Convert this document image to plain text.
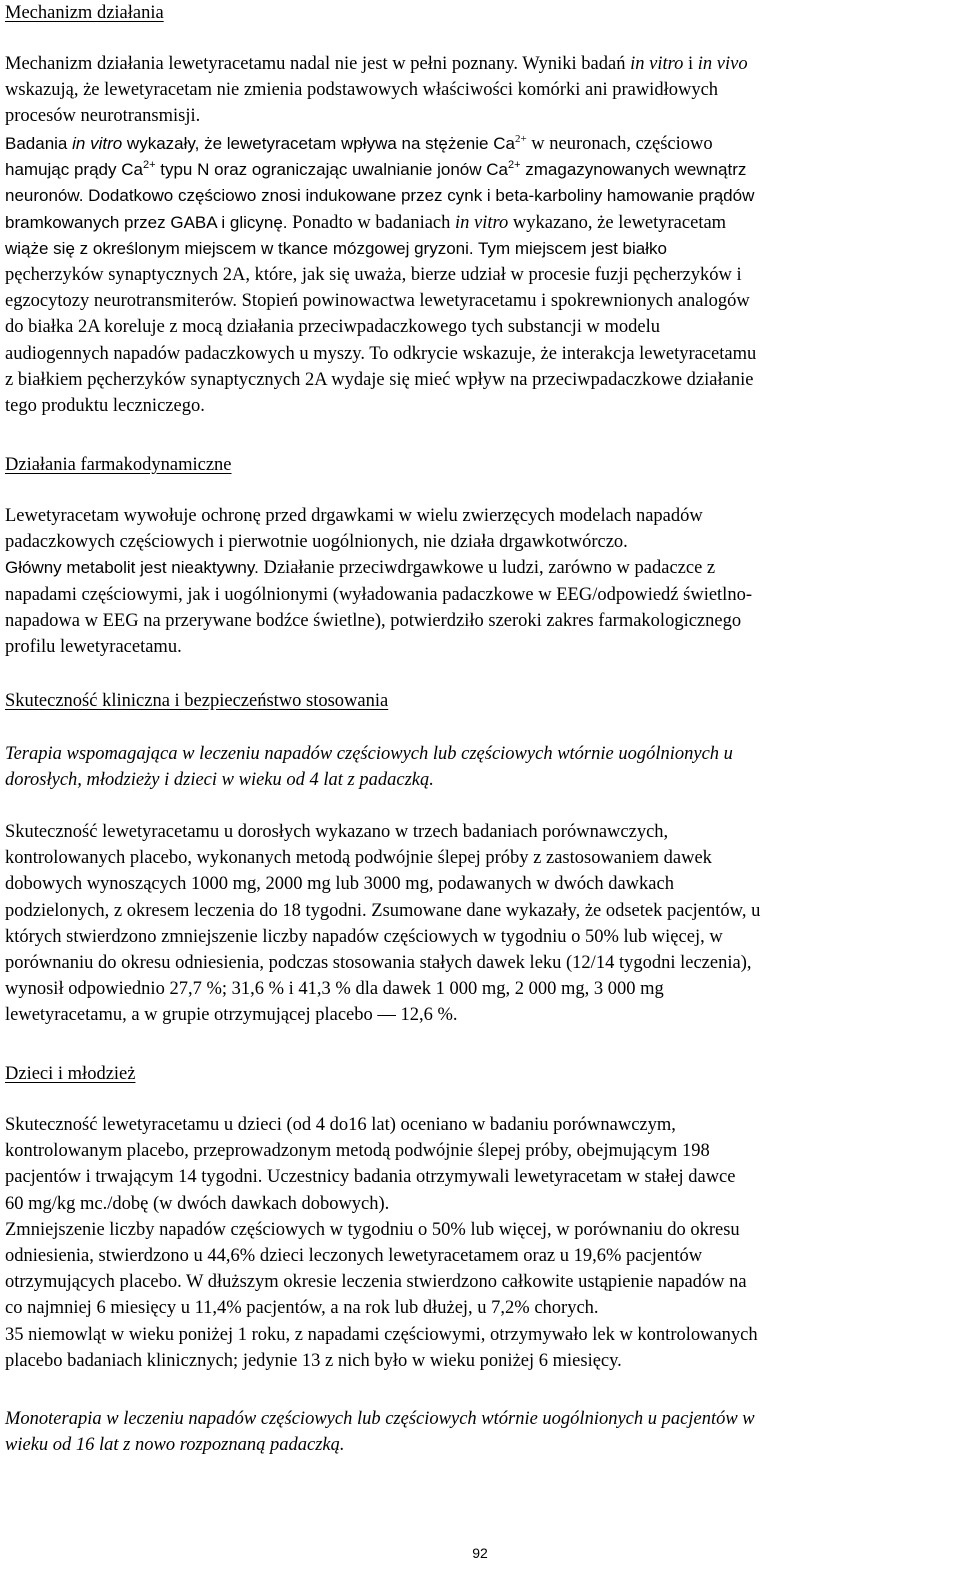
Mechanizm działania
Mechanizm działania lewetyracetamu nadal nie jest w pełni poznany. Wyniki badań in vitro i in vivo
wskazują, że lewetyracetam nie zmienia podstawowych właściwości komórki ani prawidłowych
procesów neurotransmisji.
Badania in vitro wykazały, że lewetyracetam wpływa na stężenie $Ca^{2+}$ w neuronach, częściowo
hamując prądy $Ca^{2+}$ typu N oraz ograniczając uwalnianie jonów $Ca^{2+}$ zmagazynowanych wewnątrz
neuronów. Dodatkowo częściowo znosi indukowane przez cynk i beta-karboliny hamowanie prądów
bramkowanych przez GABA i glicynę. Ponadto w badaniach in vitro wykazano, że lewetyracetam
wiąże się z określonym miejscem w tkance mózgowej gryzoni. Tym miejscem jest białko
pęcherzyków synaptycznych 2A, które, jak się uważa, bierze udział w procesie fuzji pęcherzyków i
egzocytozy neurotransmiterów. Stopień powinowactwa lewetyracetamu i spokrewnionych analogów
do białka 2A koreluje z mocą działania przeciwpadaczkowego tych substancji w modelu
audiogennych napadów padaczkowych u myszy. To odkrycie wskazuje, że interakcja lewetyracetamu
z białkiem pęcherzyków synaptycznych 2A wydaje się mieć wpływ na przeciwpadaczkowe działanie
tego produktu leczniczego.
Działania farmakodynamiczne
Lewetyracetam wywołuje ochronę przed drgawkami w wielu zwierzęcych modelach napadów
padaczkowych częściowych i pierwotnie uogólnionych, nie działa drgawkotwórczo.
Główny metabolit jest nieaktywny. Działanie przeciwdrgawkowe u ludzi, zarówno w padaczce z
napadami częściowymi, jak i uogólnionymi (wyładowania padaczkowe w EEG/odpowiedź świetlno-
napadowa w EEG na przerywane bodźce świetlne), potwierdziło szeroki zakres farmakologicznego
profilu lewetyracetamu.
Skuteczność kliniczna i bezpieczeństwo stosowania
Terapia wspomagająca w leczeniu napadów częściowych lub częściowych wtórnie uogólnionych u
dorosłych, młodzieży i dzieci w wieku od 4 lat z padaczką.
Skuteczność lewetyracetamu u dorosłych wykazano w trzech badaniach porównawczych,
kontrolowanych placebo, wykonanych metodą podwójnie ślepej próby z zastosowaniem dawek
dobowych wynoszących 1000 mg, 2000 mg lub 3000 mg, podawanych w dwóch dawkach
podzielonych, z okresem leczenia do 18 tygodni. Zsumowane dane wykazały, że odsetek pacjentów, u
których stwierdzono zmniejszenie liczby napadów częściowych w tygodniu o 50% lub więcej, w
porównaniu do okresu odniesienia, podczas stosowania stałych dawek leku (12/14 tygodni leczenia),
wynosił odpowiednio 27,7 %; 31,6 % i 41,3 % dla dawek 1 000 mg, 2 000 mg, 3 000 mg
lewetyracetamu, a w grupie otrzymującej placebo — 12,6 %.
Dzieci i młodzież
Skuteczność lewetyracetamu u dzieci (od 4 do16 lat) oceniano w badaniu porównawczym,
kontrolowanym placebo, przeprowadzonym metodą podwójnie ślepej próby, obejmującym 198
pacjentów i trwającym 14 tygodni. Uczestnicy badania otrzymywali lewetyracetam w stałej dawce
60 mg/kg mc./dobę (w dwóch dawkach dobowych).
Zmniejszenie liczby napadów częściowych w tygodniu o 50% lub więcej, w porównaniu do okresu
odniesienia, stwierdzono u 44,6% dzieci leczonych lewetyracetamem oraz u 19,6% pacjentów
otrzymujących placebo. W dłuższym okresie leczenia stwierdzono całkowite ustąpienie napadów na
co najmniej 6 miesięcy u 11,4% pacjentów, a na rok lub dłużej, u 7,2% chorych.
35 niemowląt w wieku poniżej 1 roku, z napadami częściowymi, otrzymywało lek w kontrolowanych
placebo badaniach klinicznych; jedynie 13 z nich było w wieku poniżej 6 miesięcy.
Monoterapia w leczeniu napadów częściowych lub częściowych wtórnie uogólnionych u pacjentów w
wieku od 16 lat z nowo rozpoznaną padaczką.
92
